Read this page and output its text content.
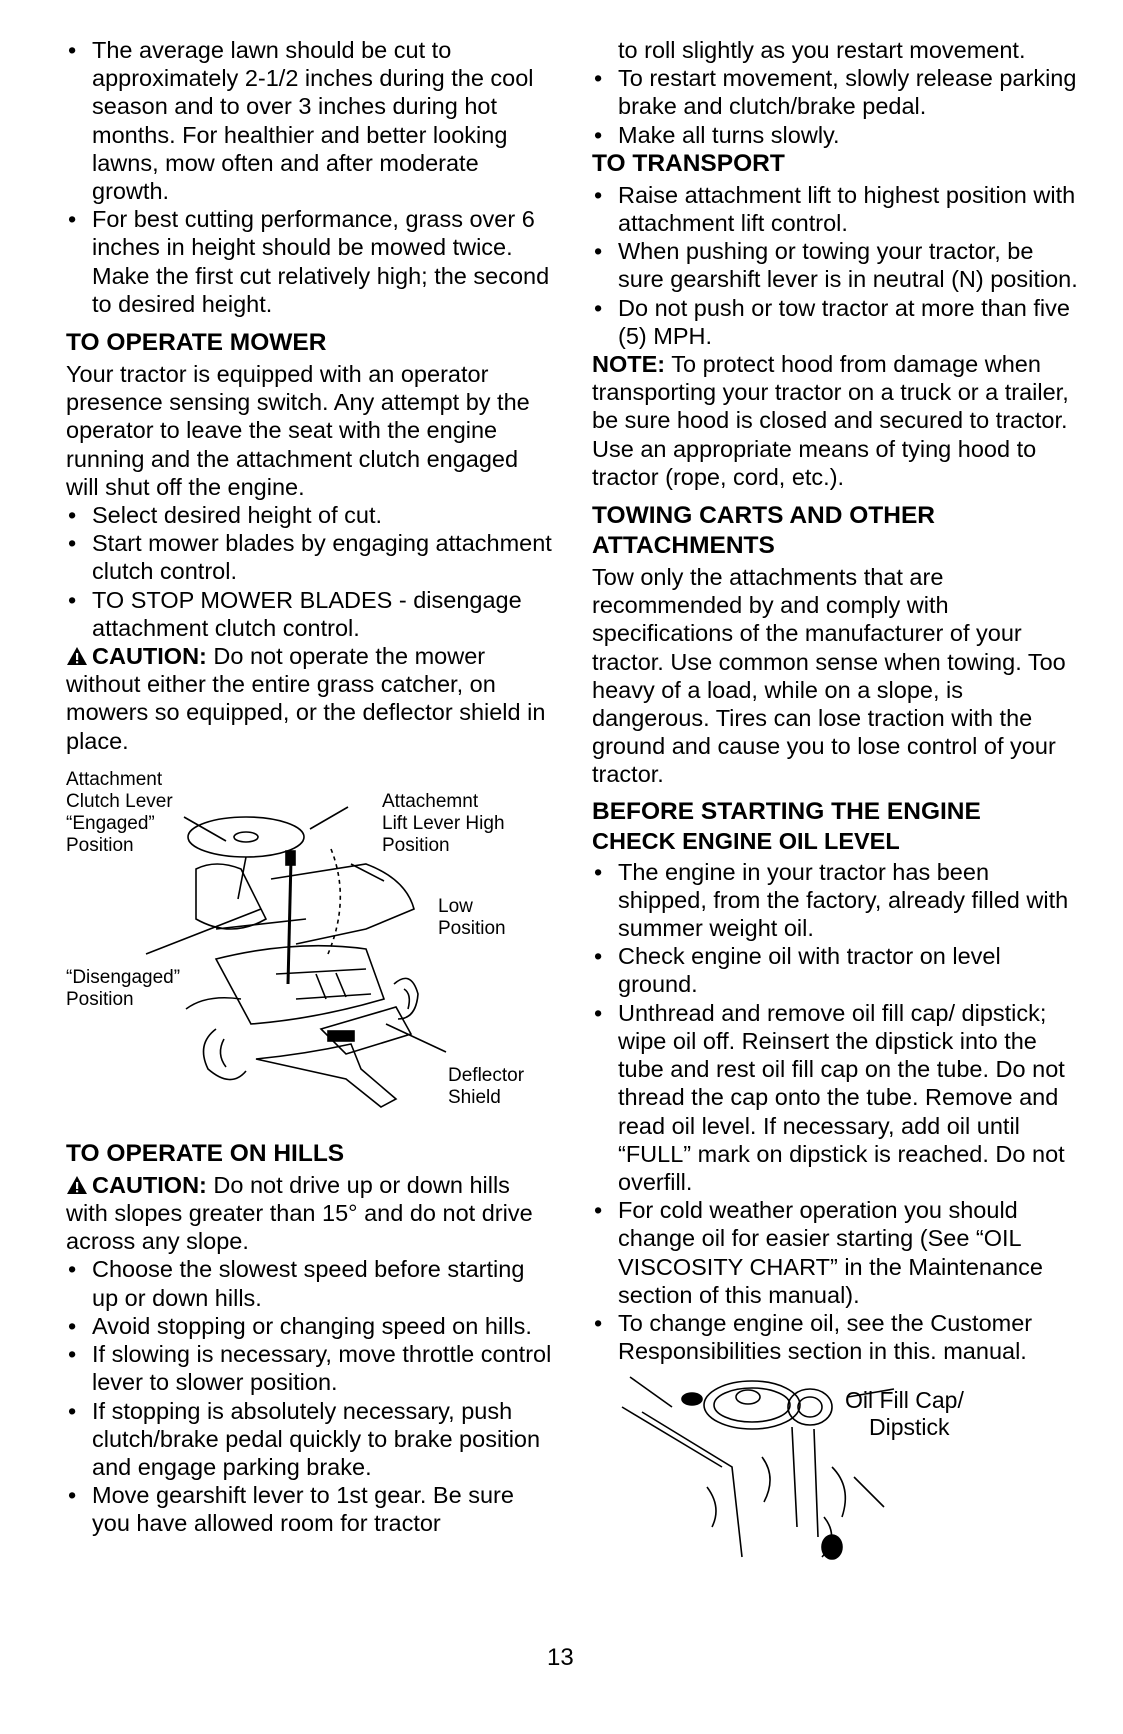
• The average lawn should be cut to approximately 2-1/2 inches during the cool season and to over 3 inches during hot months. For healthier and better looking lawns, mow often and after moderate growth.
• For best cutting performance, grass over 6 inches in height should be mowed twice. Make the first cut relatively high; the second to desired height.
TO OPERATE MOWER

Your tractor is equipped with an operator presence sensing switch. Any attempt by the operator to leave the seat with the engine running and the attachment clutch engaged will shut off the engine.

• Select desired height of cut.
• Start mower blades by engaging attachment clutch control.
• TO STOP MOWER BLADES - disengage attachment clutch control.
CAUTION: Do not operate the mower without either the entire grass catcher, on mowers so equipped, or the deflector shield in place.
Attachment
Clutch Lever
“Engaged”
Position
Attachemnt
Lift Lever High
Position
Low
Position
“Disengaged”
Position
Deflector
Shield
TO OPERATE ON HILLS
CAUTION: Do not drive up or down hills with slopes greater than 15° and do not drive across any slope.
• Choose the slowest speed before starting up or down hills.
• Avoid stopping or changing speed on hills.
• If slowing is necessary, move throttle control lever to slower position.
• If stopping is absolutely necessary, push clutch/brake pedal quickly to brake position and engage parking brake.
• Move gearshift lever to 1st gear. Be sure you have allowed room for tractor

to roll slightly as you restart movement.

• To restart movement, slowly release parking brake and clutch/brake pedal.
• Make all turns slowly.
TO TRANSPORT
• Raise attachment lift to highest position with attachment lift control.
• When pushing or towing your tractor, be sure gearshift lever is in neutral (N) position.
• Do not push or tow tractor at more than five (5) MPH.

NOTE: To protect hood from damage when transporting your tractor on a truck or a trailer, be sure hood is closed and secured to tractor. Use an appropriate means of tying hood to tractor (rope, cord, etc.).

TOWING CARTS AND OTHER
ATTACHMENTS

Tow only the attachments that are recommended by and comply with specifications of the manufacturer of your tractor. Use common sense when towing. Too heavy of a load, while on a slope, is dangerous. Tires can lose traction with the ground and cause you to lose control of your tractor.

BEFORE STARTING THE ENGINE
CHECK ENGINE OIL LEVEL
• The engine in your tractor has been shipped, from the factory, already filled with summer weight oil.
• Check engine oil with tractor on level ground.
• Unthread and remove oil fill cap/ dipstick; wipe oil off. Reinsert the dipstick into the tube and rest oil fill cap on the tube. Do not thread the cap onto the tube. Remove and read oil level. If necessary, add oil until “FULL” mark on dipstick is reached. Do not overfill.
• For cold weather operation you should change oil for easier starting (See “OIL VISCOSITY CHART” in the Maintenance section of this manual).
• To change engine oil, see the Customer Responsibilities section in this. manual.
Oil Fill Cap/
Dipstick
13
